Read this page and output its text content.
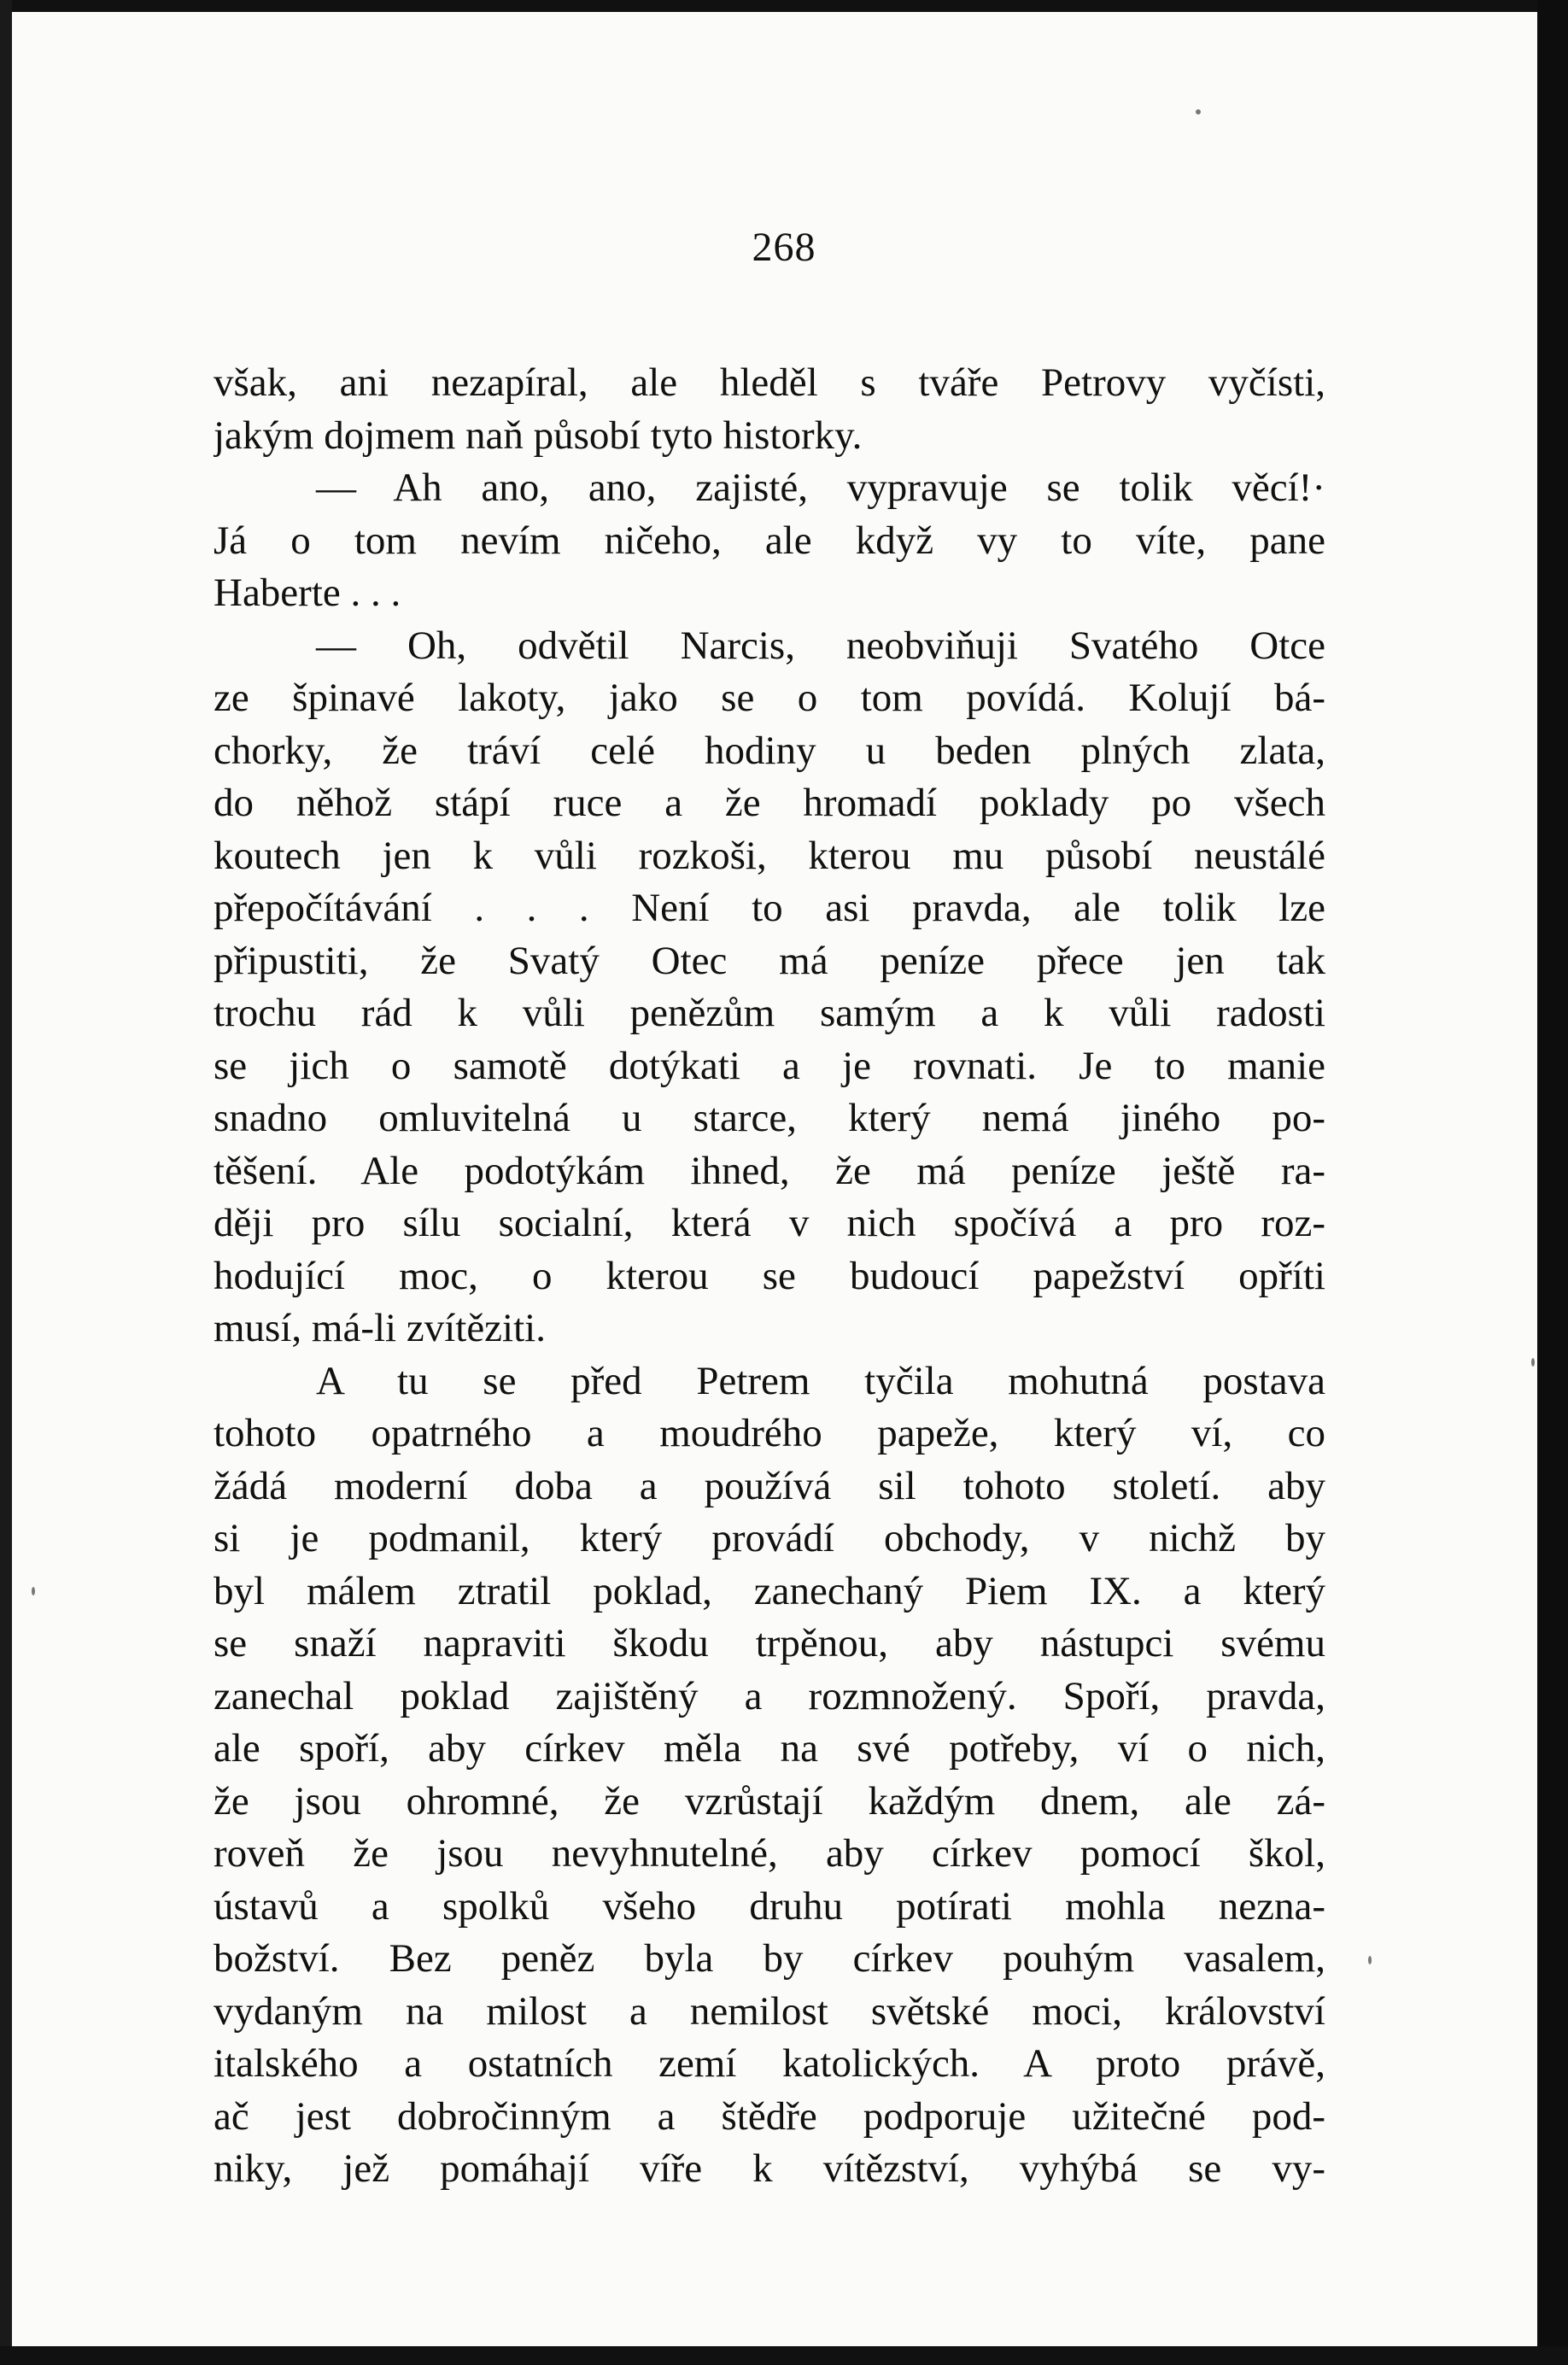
268
však, ani nezapíral, ale hleděl s tváře Petrovy vyčísti,
jakým dojmem naň působí tyto historky.
— Ah ano, ano, zajisté, vypravuje se tolik věcí!·
Já o tom nevím ničeho, ale když vy to víte, pane
Haberte . . .
— Oh, odvětil Narcis, neobviňuji Svatého Otce
ze špinavé lakoty, jako se o tom povídá. Kolují bá-
chorky, že tráví celé hodiny u beden plných zlata,
do něhož stápí ruce a že hromadí poklady po všech
koutech jen k vůli rozkoši, kterou mu působí neustálé
přepočítávání . . . Není to asi pravda, ale tolik lze
připustiti, že Svatý Otec má peníze přece jen tak
trochu rád k vůli penězům samým a k vůli radosti
se jich o samotě dotýkati a je rovnati. Je to manie
snadno omluvitelná u starce, který nemá jiného po-
těšení. Ale podotýkám ihned, že má peníze ještě ra-
ději pro sílu socialní, která v nich spočívá a pro roz-
hodující moc, o kterou se budoucí papežství opříti
musí, má-li zvítěziti.
A tu se před Petrem tyčila mohutná postava
tohoto opatrného a moudrého papeže, který ví, co
žádá moderní doba a používá sil tohoto století. aby
si je podmanil, který provádí obchody, v nichž by
byl málem ztratil poklad, zanechaný Piem IX. a který
se snaží napraviti škodu trpěnou, aby nástupci svému
zanechal poklad zajištěný a rozmnožený. Spoří, pravda,
ale spoří, aby církev měla na své potřeby, ví o nich,
že jsou ohromné, že vzrůstají každým dnem, ale zá-
roveň že jsou nevyhnutelné, aby církev pomocí škol,
ústavů a spolků všeho druhu potírati mohla nezna-
božství. Bez peněz byla by církev pouhým vasalem,
vydaným na milost a nemilost světské moci, království
italského a ostatních zemí katolických. A proto právě,
ač jest dobročinným a štědře podporuje užitečné pod-
niky, jež pomáhají víře k vítězství, vyhýbá se vy-
